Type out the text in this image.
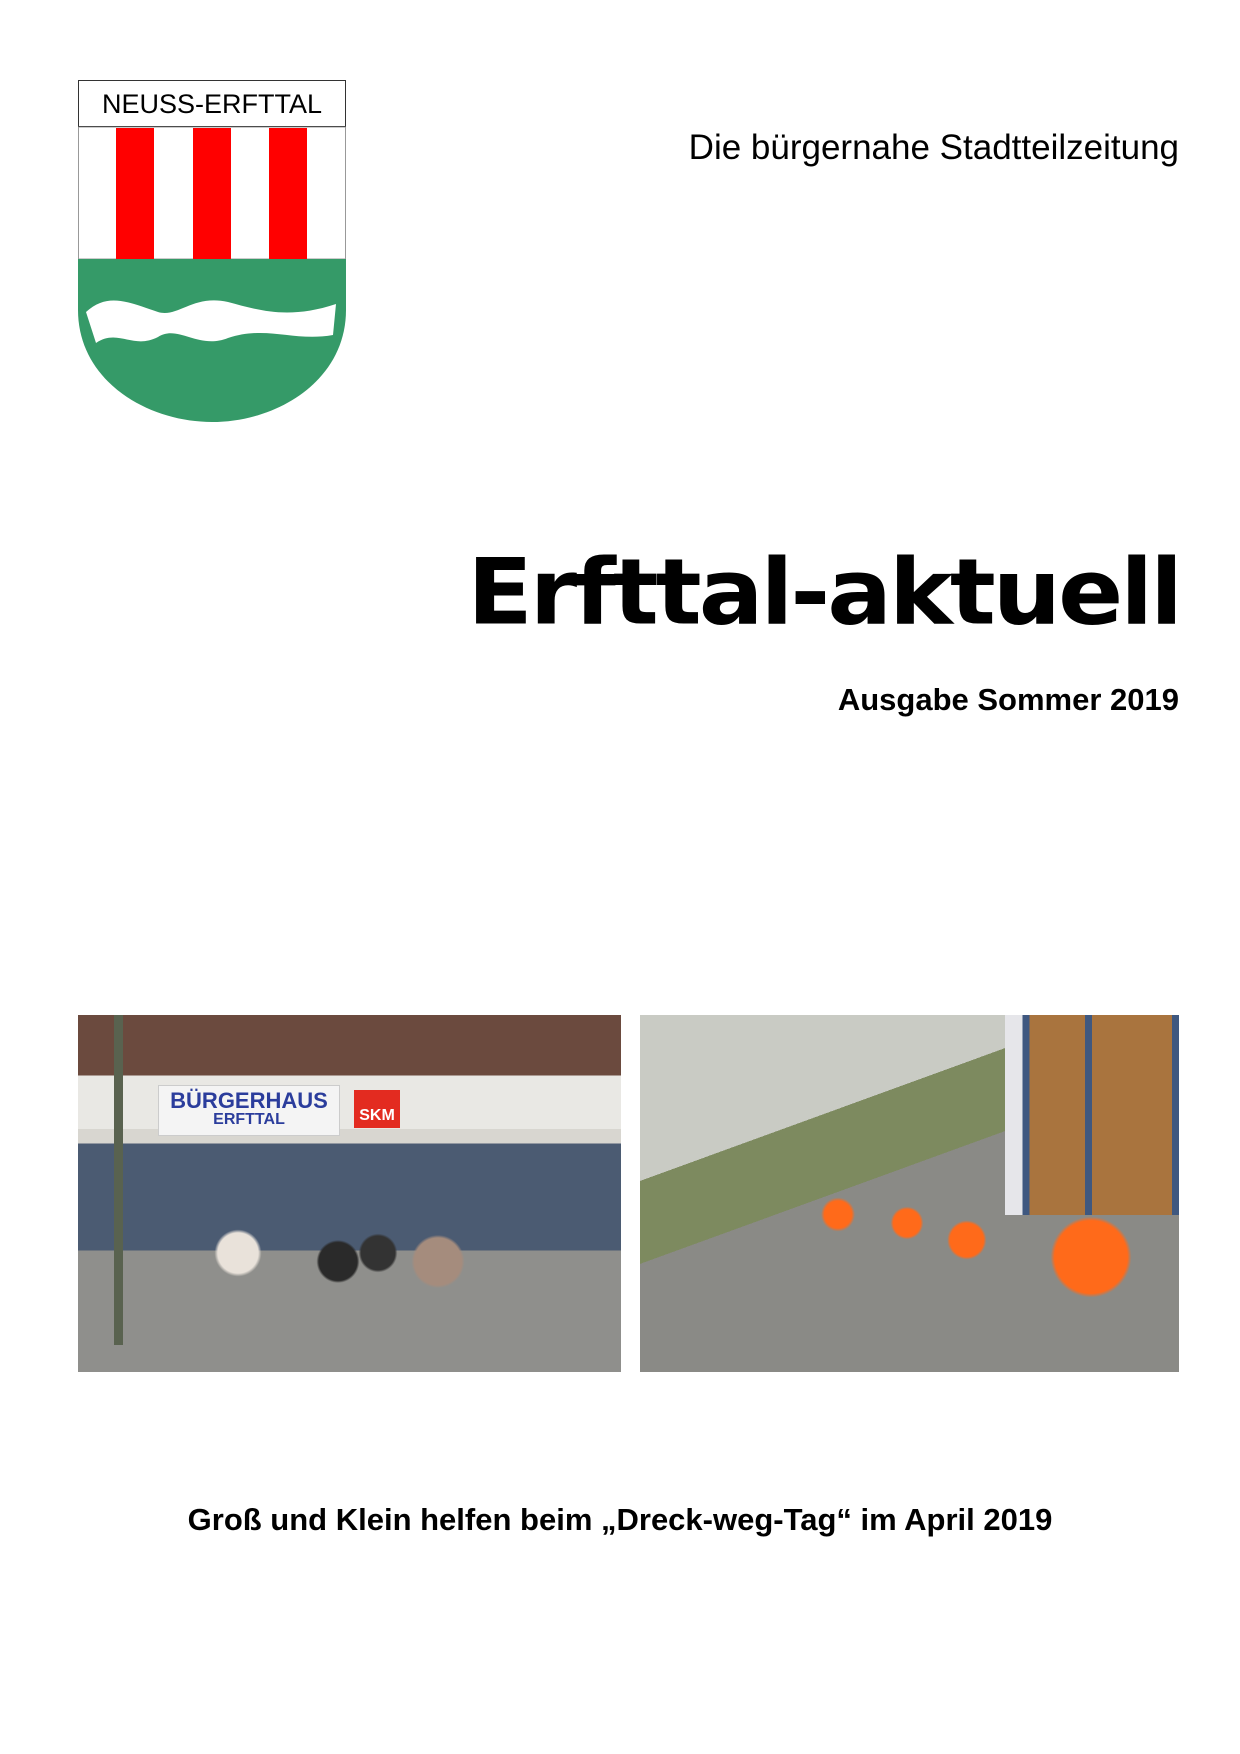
NEUSS-ERFTTAL
Die bürgernahe Stadtteilzeitung
Erfttal-aktuell
Ausgabe Sommer 2019
BÜRGERHAUS
ERFTTAL	SKM
Groß und Klein helfen beim „Dreck-weg-Tag“ im April 2019
